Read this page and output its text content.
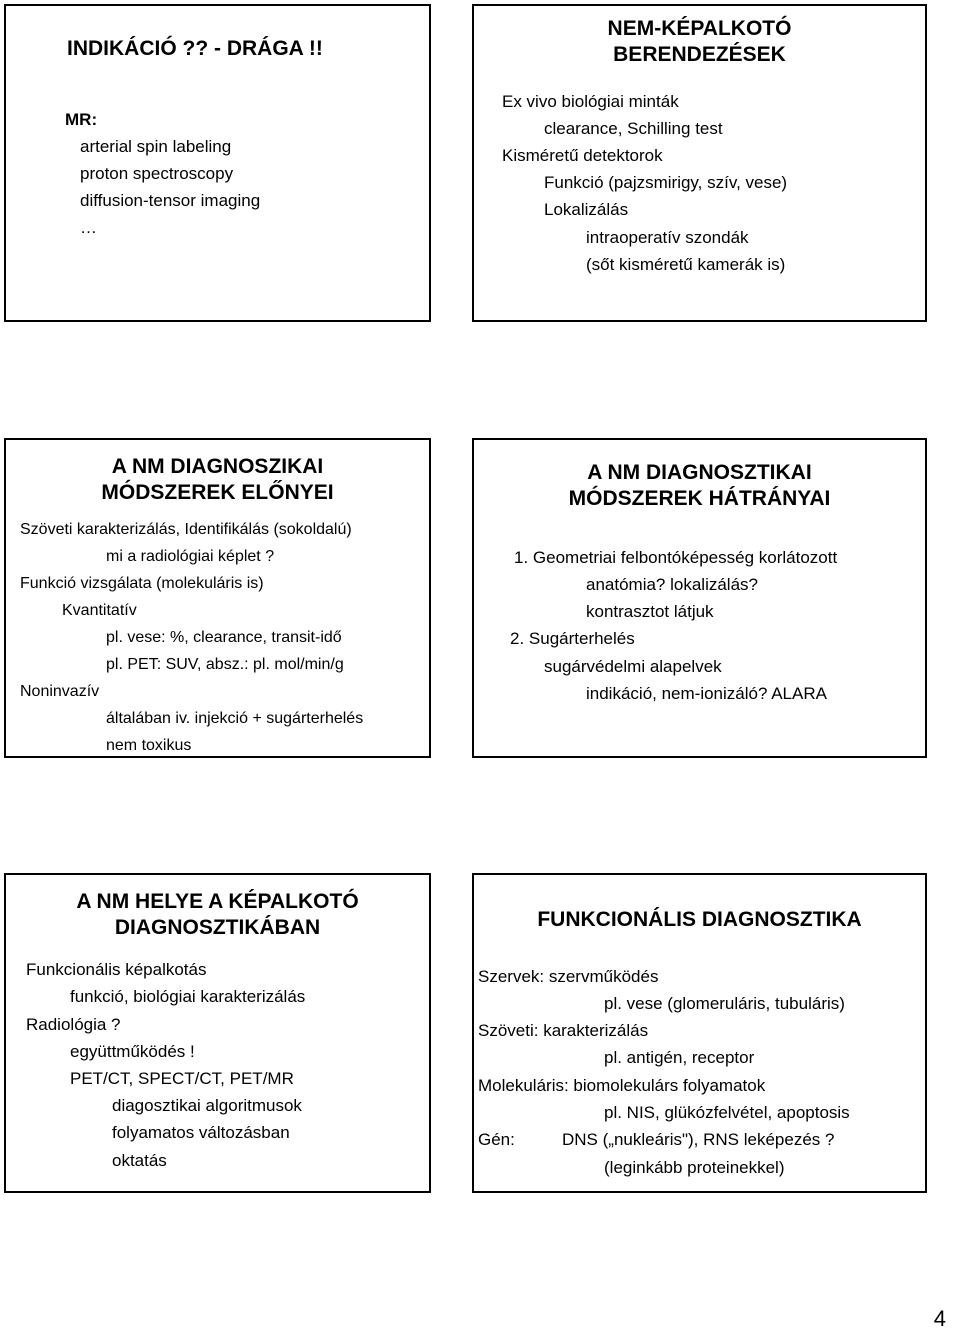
INDIKÁCIÓ ?? - DRÁGA !!
MR:
arterial spin labeling
proton spectroscopy
diffusion-tensor imaging
…

NEM-KÉPALKOTÓ

BERENDEZÉSEK

Ex vivo biológiai minták
clearance, Schilling test
Kisméretű detektorok
Funkció (pajzsmirigy, szív, vese)
Lokalizálás
intraoperatív szondák
(sőt kisméretű kamerák is)

A NM DIAGNOSZIKAI

MÓDSZEREK ELŐNYEI

Szöveti karakterizálás, Identifikálás (sokoldalú)
mi a radiológiai képlet ?
Funkció vizsgálata (molekuláris is)
Kvantitatív
pl. vese: %, clearance, transit-idő
pl. PET: SUV, absz.: pl. mol/min/g
Noninvazív
általában iv. injekció + sugárterhelés
nem toxikus

A NM DIAGNOSZTIKAI

MÓDSZEREK HÁTRÁNYAI

1. Geometriai felbontóképesség korlátozott
anatómia? lokalizálás?
kontrasztot látjuk
2. Sugárterhelés
sugárvédelmi alapelvek
indikáció, nem-ionizáló? ALARA

A NM HELYE A KÉPALKOTÓ

DIAGNOSZTIKÁBAN

Funkcionális képalkotás
funkció, biológiai karakterizálás
Radiológia ?
együttműködés !
PET/CT, SPECT/CT, PET/MR
diagosztikai algoritmusok
folyamatos változásban
oktatás
FUNKCIONÁLIS DIAGNOSZTIKA
Szervek: szervműködés
pl. vese (glomeruláris, tubuláris)
Szöveti: karakterizálás
pl. antigén, receptor
Molekuláris: biomolekulárs folyamatok
pl. NIS, glükózfelvétel, apoptosis
Gén:	DNS („nukleáris"), RNS leképezés ?
(leginkább proteinekkel)
4
